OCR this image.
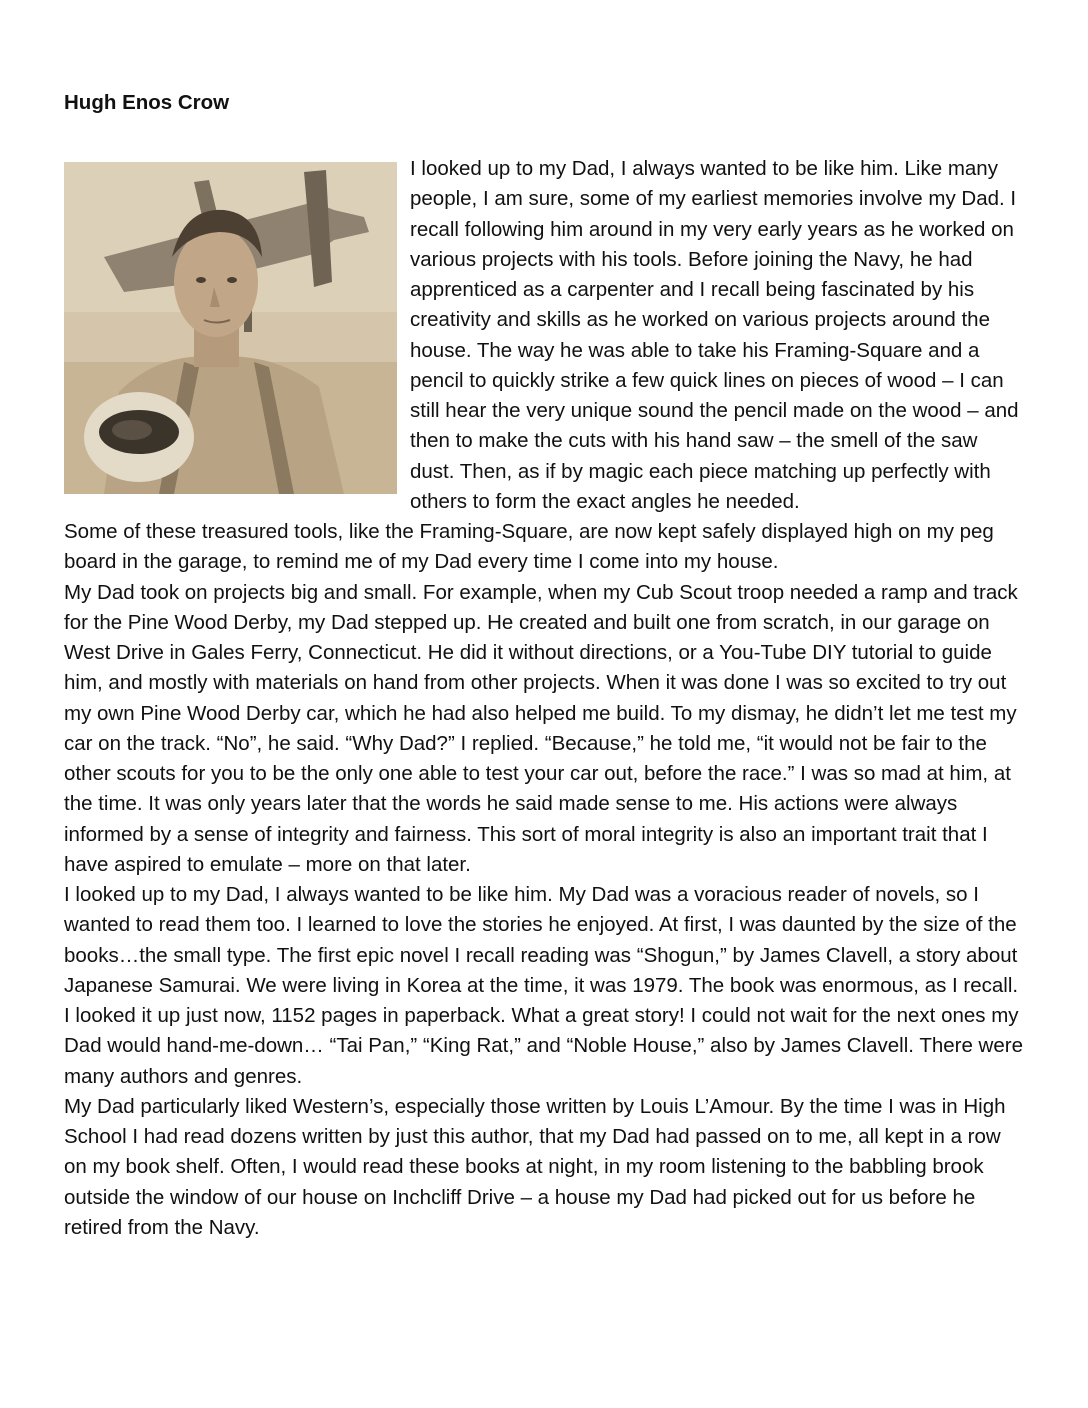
Hugh Enos Crow

I looked up to my Dad, I always wanted to be like him. Like many people, I am sure, some of my earliest memories involve my Dad. I recall following him around in my very early years as he worked on various projects with his tools. Before joining the Navy, he had apprenticed as a carpenter and I recall being fascinated by his creativity and skills as he worked on various projects around the house. The way he was able to take his Framing-Square and a pencil to quickly strike a few quick lines on pieces of wood – I can still hear the very unique sound the pencil made on the wood – and then to make the cuts with his hand saw – the smell of the saw dust. Then, as if by magic each piece matching up perfectly with others to form the exact angles he needed.

Some of these treasured tools, like the Framing-Square, are now kept safely displayed high on my peg board in the garage, to remind me of my Dad every time I come into my house.

My Dad took on projects big and small. For example, when my Cub Scout troop needed a ramp and track for the Pine Wood Derby, my Dad stepped up. He created and built one from scratch, in our garage on West Drive in Gales Ferry, Connecticut. He did it without directions, or a You-Tube DIY tutorial to guide him, and mostly with materials on hand from other projects. When it was done I was so excited to try out my own Pine Wood Derby car, which he had also helped me build. To my dismay, he didn’t let me test my car on the track. “No”, he said. “Why Dad?” I replied. “Because,” he told me, “it would not be fair to the other scouts for you to be the only one able to test your car out, before the race.” I was so mad at him, at the time. It was only years later that the words he said made sense to me. His actions were always informed by a sense of integrity and fairness. This sort of moral integrity is also an important trait that I have aspired to emulate – more on that later.

I looked up to my Dad, I always wanted to be like him. My Dad was a voracious reader of novels, so I wanted to read them too. I learned to love the stories he enjoyed. At first, I was daunted by the size of the books…the small type. The first epic novel I recall reading was “Shogun,” by James Clavell, a story about Japanese Samurai. We were living in Korea at the time, it was 1979. The book was enormous, as I recall. I looked it up just now, 1152 pages in paperback. What a great story! I could not wait for the next ones my Dad would hand-me-down… “Tai Pan,” “King Rat,” and “Noble House,” also by James Clavell. There were many authors and genres.

My Dad particularly liked Western’s, especially those written by Louis L’Amour. By the time I was in High School I had read dozens written by just this author, that my Dad had passed on to me, all kept in a row on my book shelf. Often, I would read these books at night, in my room listening to the babbling brook outside the window of our house on Inchcliff Drive – a house my Dad had picked out for us before he retired from the Navy.
